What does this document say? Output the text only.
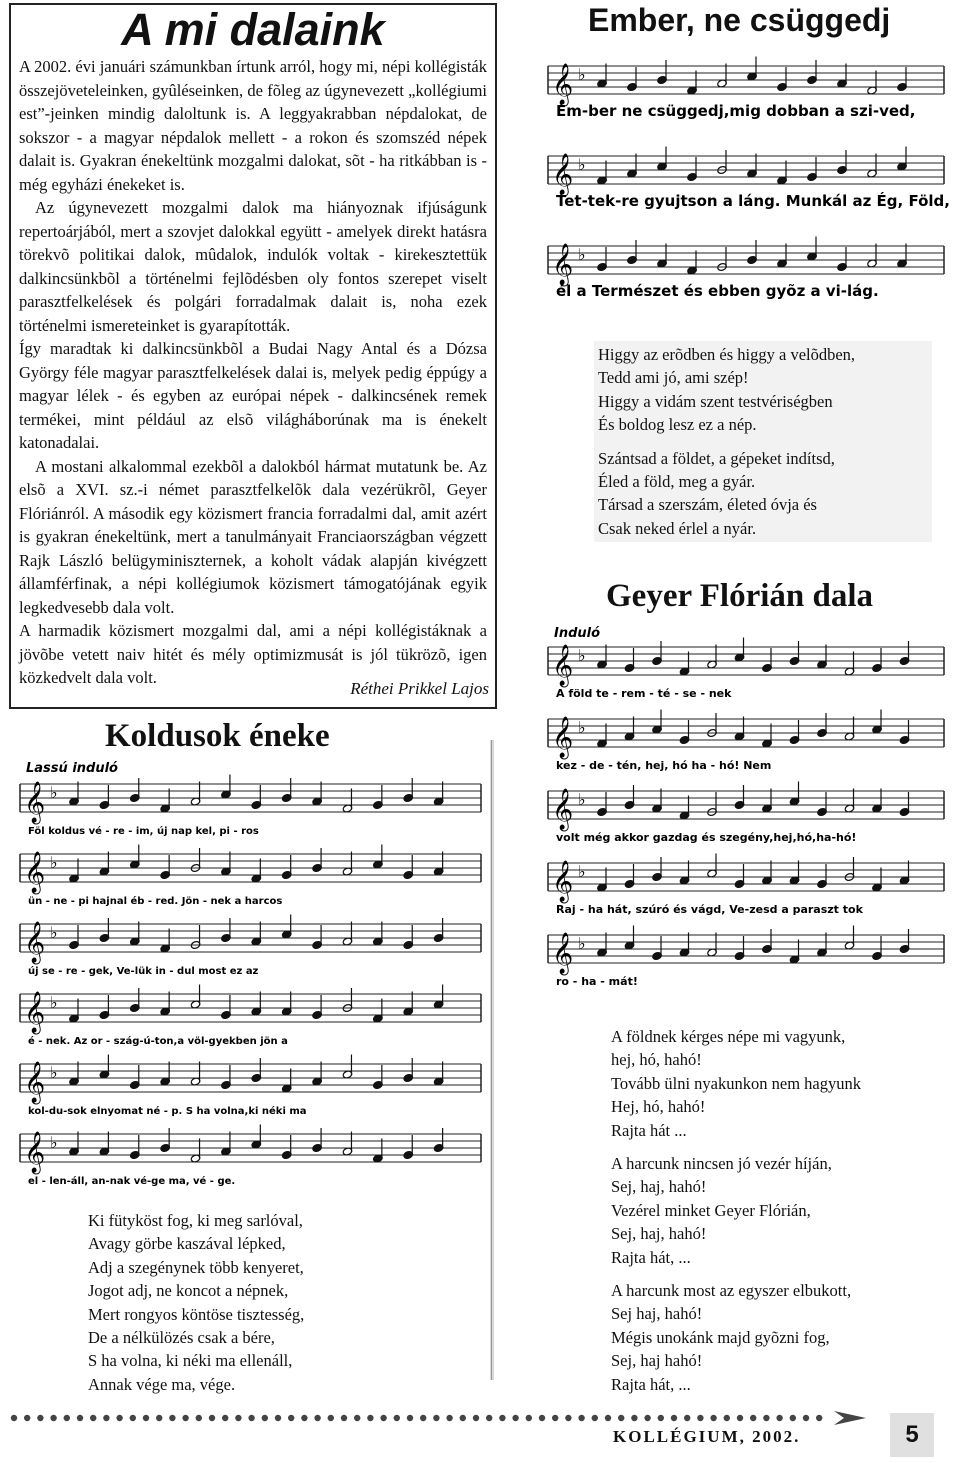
A mi dalaink

A 2002. évi januári számunkban írtunk arról, hogy mi, népi kollégisták összejöveteleinken, gyûléseinken, de fõleg az úgynevezett „kollégiumi est”-jeinken mindig daloltunk is. A leggyakrabban népdalokat, de sokszor - a magyar népdalok mellett - a rokon és szomszéd népek dalait is. Gyakran énekeltünk mozgalmi dalokat, sõt - ha ritkábban is - még egyházi énekeket is.

Az úgynevezett mozgalmi dalok ma hiányoznak ifjúságunk repertoárjából, mert a szovjet dalokkal együtt - amelyek direkt hatásra törekvõ politikai dalok, mûdalok, indulók voltak - kirekesztettük dalkincsünkbõl a történelmi fejlõdésben oly fontos szerepet viselt parasztfelkelések és polgári forradalmak dalait is, noha ezek történelmi ismereteinket is gyarapították.

Így maradtak ki dalkincsünkbõl a Budai Nagy Antal és a Dózsa György féle magyar parasztfelkelések dalai is, melyek pedig éppúgy a magyar lélek - és egyben az európai népek - dalkincsének remek termékei, mint például az elsõ világháborúnak ma is énekelt katonadalai.

A mostani alkalommal ezekbõl a dalokból hármat mutatunk be. Az elsõ a XVI. sz.-i német parasztfelkelõk dala vezérükrõl, Geyer Flóriánról. A második egy közismert francia forradalmi dal, amit azért is gyakran énekeltünk, mert a tanulmányait Franciaországban végzett Rajk László belügyminiszternek, a koholt vádak alapján kivégzett államférfinak, a népi kollégiumok közismert támogatójának egyik legkedvesebb dala volt.

A harmadik közismert mozgalmi dal, ami a népi kollégistáknak a jövõbe vetett naiv hitét és mély optimizmusát is jól tükrözõ, igen közkedvelt dala volt.

Réthei Prikkel Lajos
Ember, ne csüggedj
𝄞 ♭
Em-ber ne csüggedj,mig dobban a szi-ved,
𝄞 ♭
Tet-tek-re gyujtson a láng. Munkál az Ég, Föld,
𝄞 ♭
él a Természet és ebben gyõz a vi-lág.

Higgy az erõdben és higgy a velõdben,

Tedd ami jó, ami szép!

Higgy a vidám szent testvériségben

És boldog lesz ez a nép.

Szántsad a földet, a gépeket indítsd,

Éled a föld, meg a gyár.

Társad a szerszám, életed óvja és

Csak neked érlel a nyár.

Geyer Flórián dala
𝄞 ♭
A föld te - rem - té - se - nek
𝄞 ♭
kez - de - tén, hej, hó ha - hó! Nem
𝄞 ♭
volt még akkor gazdag és szegény,hej,hó,ha-hó!
𝄞 ♭
Raj - ha hát, szúró és vágd, Ve-zesd a paraszt tok
𝄞 ♭
ro - ha - mát!
Induló

A földnek kérges népe mi vagyunk,

hej, hó, hahó!

Tovább ülni nyakunkon nem hagyunk

Hej, hó, hahó!

Rajta hát ...

A harcunk nincsen jó vezér híján,

Sej, haj, hahó!

Vezérel minket Geyer Flórián,

Sej, haj, hahó!

Rajta hát, ...

A harcunk most az egyszer elbukott,

Sej haj, hahó!

Mégis unokánk majd gyõzni fog,

Sej, haj hahó!

Rajta hát, ...

Koldusok éneke
𝄞 ♭
Föl koldus vé - re - im, új nap kel, pi - ros
𝄞 ♭
ün - ne - pi hajnal éb - red. Jön - nek a harcos
𝄞 ♭
új se - re - gek, Ve-lük in - dul most ez az
𝄞 ♭
é - nek. Az or - szág-ú-ton,a völ-gyekben jön a
𝄞 ♭
kol-du-sok elnyomat né - p. S ha volna,ki néki ma
𝄞 ♭
el - len-áll, an-nak vé-ge ma, vé - ge.
Lassú induló

Ki fütyköst fog, ki meg sarlóval,

Avagy görbe kaszával lépked,

Adj a szegénynek több kenyeret,

Jogot adj, ne koncot a népnek,

Mert rongyos köntöse tisztesség,

De a nélkülözés csak a bére,

S ha volna, ki néki ma ellenáll,

Annak vége ma, vége.

KOLLÉGIUM, 2002.	5
